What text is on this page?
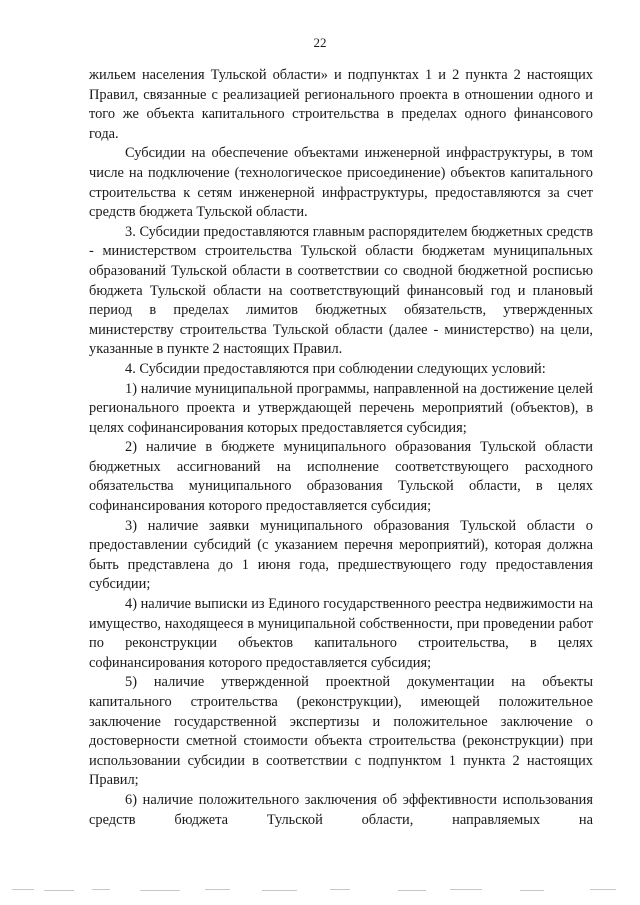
22

жильем населения Тульской области» и подпунктах 1 и 2 пункта 2 настоящих Правил, связанные с реализацией регионального проекта в отношении одного и того же объекта капитального строительства в пределах одного финансового года.

Субсидии на обеспечение объектами инженерной инфраструктуры, в том числе на подключение (технологическое присоединение) объектов капитального строительства к сетям инженерной инфраструктуры, предоставляются за счет средств бюджета Тульской области.

3. Субсидии предоставляются главным распорядителем бюджетных средств - министерством строительства Тульской области бюджетам муниципальных образований Тульской области в соответствии со сводной бюджетной росписью бюджета Тульской области на соответствующий финансовый год и плановый период в пределах лимитов бюджетных обязательств, утвержденных министерству строительства Тульской области (далее - министерство) на цели, указанные в пункте 2 настоящих Правил.

4. Субсидии предоставляются при соблюдении следующих условий:

1) наличие муниципальной программы, направленной на достижение целей регионального проекта и утверждающей перечень мероприятий (объектов), в целях софинансирования которых предоставляется субсидия;

2) наличие в бюджете муниципального образования Тульской области бюджетных ассигнований на исполнение соответствующего расходного обязательства муниципального образования Тульской области, в целях софинансирования которого предоставляется субсидия;

3) наличие заявки муниципального образования Тульской области о предоставлении субсидий (с указанием перечня мероприятий), которая должна быть представлена до 1 июня года, предшествующего году предоставления субсидии;

4) наличие выписки из Единого государственного реестра недвижимости на имущество, находящееся в муниципальной собственности, при проведении работ по реконструкции объектов капитального строительства, в целях софинансирования которого предоставляется субсидия;

5) наличие утвержденной проектной документации на объекты капитального строительства (реконструкции), имеющей положительное заключение государственной экспертизы и положительное заключение о достоверности сметной стоимости объекта строительства (реконструкции) при использовании субсидии в соответствии с подпунктом 1 пункта 2 настоящих Правил;

6) наличие положительного заключения об эффективности использования средств бюджета Тульской области, направляемых на
